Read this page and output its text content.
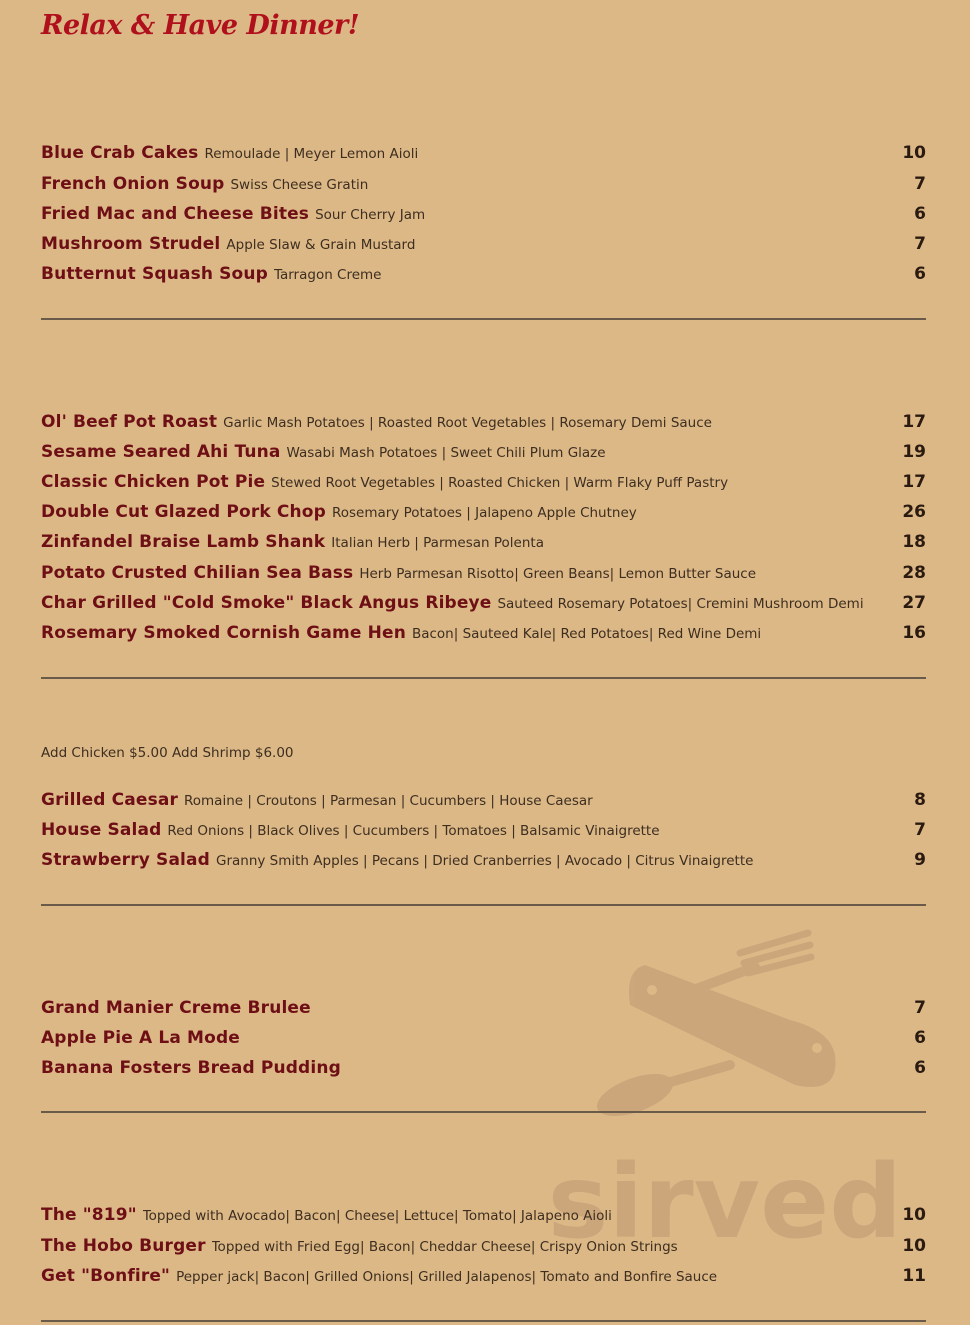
sirved
Relax & Have Dinner!
Blue Crab Cakes Remoulade | Meyer Lemon Aioli	10
French Onion Soup Swiss Cheese Gratin	7
Fried Mac and Cheese Bites Sour Cherry Jam	6
Mushroom Strudel Apple Slaw & Grain Mustard	7
Butternut Squash Soup Tarragon Creme	6
Ol' Beef Pot Roast Garlic Mash Potatoes | Roasted Root Vegetables | Rosemary Demi Sauce	17
Sesame Seared Ahi Tuna Wasabi Mash Potatoes | Sweet Chili Plum Glaze	19
Classic Chicken Pot Pie Stewed Root Vegetables | Roasted Chicken | Warm Flaky Puff Pastry	17
Double Cut Glazed Pork Chop Rosemary Potatoes | Jalapeno Apple Chutney	26
Zinfandel Braise Lamb Shank Italian Herb | Parmesan Polenta	18
Potato Crusted Chilian Sea Bass Herb Parmesan Risotto| Green Beans| Lemon Butter Sauce	28
Char Grilled "Cold Smoke" Black Angus Ribeye Sauteed Rosemary Potatoes| Cremini Mushroom Demi	27
Rosemary Smoked Cornish Game Hen Bacon| Sauteed Kale| Red Potatoes| Red Wine Demi	16
Add Chicken $5.00 Add Shrimp $6.00
Grilled Caesar Romaine | Croutons | Parmesan | Cucumbers | House Caesar	8
House Salad Red Onions | Black Olives | Cucumbers | Tomatoes | Balsamic Vinaigrette	7
Strawberry Salad Granny Smith Apples | Pecans | Dried Cranberries | Avocado | Citrus Vinaigrette	9
Grand Manier Creme Brulee	7
Apple Pie A La Mode	6
Banana Fosters Bread Pudding	6
The "819" Topped with Avocado| Bacon| Cheese| Lettuce| Tomato| Jalapeno Aioli	10
The Hobo Burger Topped with Fried Egg| Bacon| Cheddar Cheese| Crispy Onion Strings	10
Get "Bonfire" Pepper jack| Bacon| Grilled Onions| Grilled Jalapenos| Tomato and Bonfire Sauce	11
